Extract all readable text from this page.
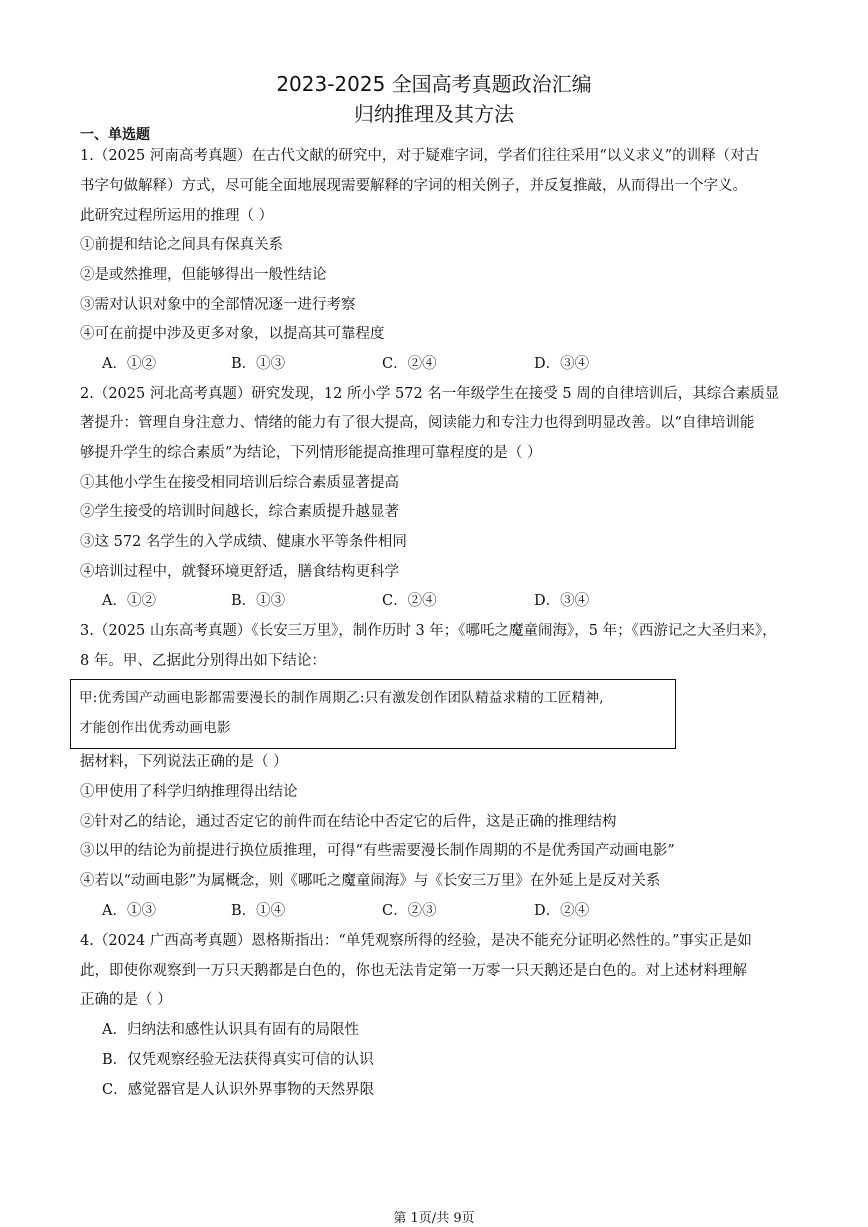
2023-2025 全国高考真题政治汇编
归纳推理及其方法
一、单选题
1.（2025 河南高考真题）在古代文献的研究中，对于疑难字词，学者们往往采用“以义求义”的训释（对古
书字句做解释）方式，尽可能全面地展现需要解释的字词的相关例子，并反复推敲，从而得出一个字义。
此研究过程所运用的推理（ ）
①前提和结论之间具有保真关系
②是或然推理，但能够得出一般性结论
③需对认识对象中的全部情况逐一进行考察
④可在前提中涉及更多对象，以提高其可靠程度
A．①②	B．①③	C．②④	D．③④
2.（2025 河北高考真题）研究发现，12 所小学 572 名一年级学生在接受 5 周的自律培训后，其综合素质显
著提升：管理自身注意力、情绪的能力有了很大提高，阅读能力和专注力也得到明显改善。以“自律培训能
够提升学生的综合素质”为结论，下列情形能提高推理可靠程度的是（ ）
①其他小学生在接受相同培训后综合素质显著提高
②学生接受的培训时间越长，综合素质提升越显著
③这 572 名学生的入学成绩、健康水平等条件相同
④培训过程中，就餐环境更舒适，膳食结构更科学
A．①②	B．①③	C．②④	D．③④
3.（2025 山东高考真题）《长安三万里》，制作历时 3 年；《哪吒之魔童闹海》，5 年；《西游记之大圣归来》，
8 年。甲、乙据此分别得出如下结论：
甲:优秀国产动画电影都需要漫长的制作周期乙:只有激发创作团队精益求精的工匠精神,
才能创作出优秀动画电影
据材料，下列说法正确的是（ ）
①甲使用了科学归纳推理得出结论
②针对乙的结论，通过否定它的前件而在结论中否定它的后件，这是正确的推理结构
③以甲的结论为前提进行换位质推理，可得“有些需要漫长制作周期的不是优秀国产动画电影”
④若以“动画电影”为属概念，则《哪吒之魔童闹海》与《长安三万里》在外延上是反对关系
A．①③	B．①④	C．②③	D．②④
4.（2024 广西高考真题）恩格斯指出：“单凭观察所得的经验，是决不能充分证明必然性的。”事实正是如
此，即使你观察到一万只天鹅都是白色的，你也无法肯定第一万零一只天鹅还是白色的。对上述材料理解
正确的是（ ）
A．归纳法和感性认识具有固有的局限性
B．仅凭观察经验无法获得真实可信的认识
C．感觉器官是人认识外界事物的天然界限
第 1页/共 9页
